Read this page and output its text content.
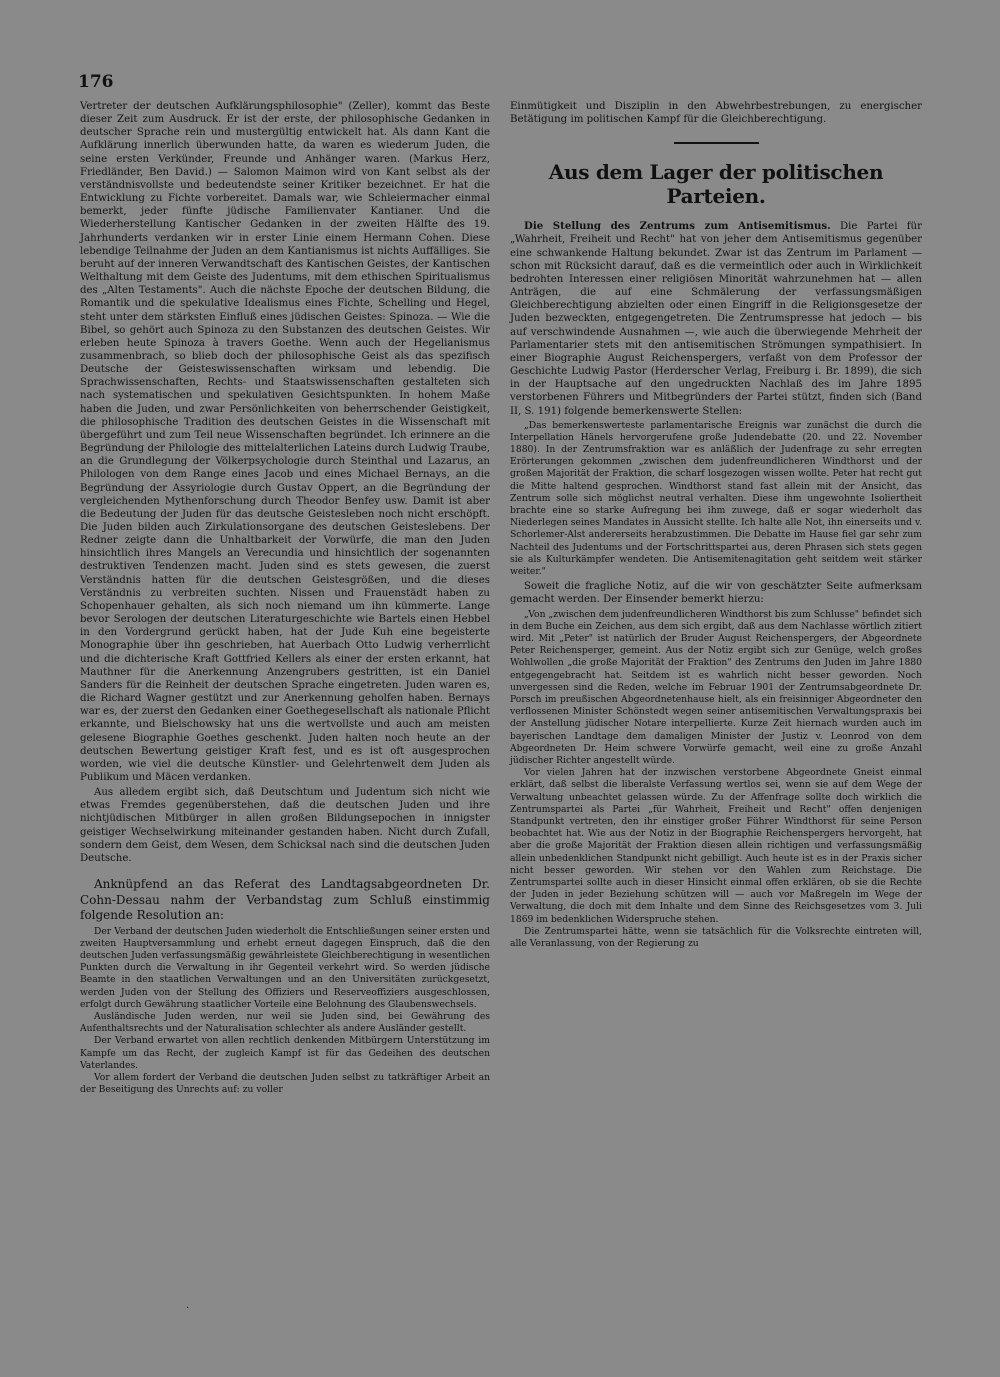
176

Vertreter der deutschen Aufklärungsphilosophie" (Zeller), kommt das Beste dieser Zeit zum Ausdruck. Er ist der erste, der philosophische Gedanken in deutscher Sprache rein und mustergültig entwickelt hat. Als dann Kant die Aufklärung innerlich überwunden hatte, da waren es wiederum Juden, die seine ersten Verkünder, Freunde und Anhänger waren. (Markus Herz, Friedländer, Ben David.) — Salomon Maimon wird von Kant selbst als der verständnisvollste und bedeutendste seiner Kritiker bezeichnet. Er hat die Entwicklung zu Fichte vorbereitet. Damals war, wie Schleiermacher einmal bemerkt, jeder fünfte jüdische Familienvater Kantianer. Und die Wiederherstellung Kantischer Gedanken in der zweiten Hälfte des 19. Jahrhunderts verdanken wir in erster Linie einem Hermann Cohen. Diese lebendige Teilnahme der Juden an dem Kantianismus ist nichts Auffälliges. Sie beruht auf der inneren Verwandtschaft des Kantischen Geistes, der Kantischen Welthaltung mit dem Geiste des Judentums, mit dem ethischen Spiritualismus des „Alten Testaments". Auch die nächste Epoche der deutschen Bildung, die Romantik und die spekulative Idealismus eines Fichte, Schelling und Hegel, steht unter dem stärksten Einfluß eines jüdischen Geistes: Spinoza. — Wie die Bibel, so gehört auch Spinoza zu den Substanzen des deutschen Geistes. Wir erleben heute Spinoza à travers Goethe. Wenn auch der Hegelianismus zusammenbrach, so blieb doch der philosophische Geist als das spezifisch Deutsche der Geisteswissenschaften wirksam und lebendig. Die Sprachwissenschaften, Rechts- und Staatswissenschaften gestalteten sich nach systematischen und spekulativen Gesichtspunkten. In hohem Maße haben die Juden, und zwar Persönlichkeiten von beherrschender Geistigkeit, die philosophische Tradition des deutschen Geistes in die Wissenschaft mit übergeführt und zum Teil neue Wissenschaften begründet. Ich erinnere an die Begründung der Philologie des mittelalterlichen Lateins durch Ludwig Traube, an die Grundlegung der Völkerpsychologie durch Steinthal und Lazarus, an Philologen von dem Range eines Jacob und eines Michael Bernays, an die Begründung der Assyriologie durch Gustav Oppert, an die Begründung der vergleichenden Mythenforschung durch Theodor Benfey usw. Damit ist aber die Bedeutung der Juden für das deutsche Geistesleben noch nicht erschöpft. Die Juden bilden auch Zirkulationsorgane des deutschen Geisteslebens. Der Redner zeigte dann die Unhaltbarkeit der Vorwürfe, die man den Juden hinsichtlich ihres Mangels an Verecundia und hinsichtlich der sogenannten destruktiven Tendenzen macht. Juden sind es stets gewesen, die zuerst Verständnis hatten für die deutschen Geistesgrößen, und die dieses Verständnis zu verbreiten suchten. Nissen und Frauenstädt haben zu Schopenhauer gehalten, als sich noch niemand um ihn kümmerte. Lange bevor Serologen der deutschen Literaturgeschichte wie Bartels einen Hebbel in den Vordergrund gerückt haben, hat der Jude Kuh eine begeisterte Monographie über ihn geschrieben, hat Auerbach Otto Ludwig verherrlicht und die dichterische Kraft Gottfried Kellers als einer der ersten erkannt, hat Mauthner für die Anerkennung Anzengrubers gestritten, ist ein Daniel Sanders für die Reinheit der deutschen Sprache eingetreten. Juden waren es, die Richard Wagner gestützt und zur Anerkennung geholfen haben. Bernays war es, der zuerst den Gedanken einer Goethegesellschaft als nationale Pflicht erkannte, und Bielschowsky hat uns die wertvollste und auch am meisten gelesene Biographie Goethes geschenkt. Juden halten noch heute an der deutschen Bewertung geistiger Kraft fest, und es ist oft ausgesprochen worden, wie viel die deutsche Künstler- und Gelehrtenwelt dem Juden als Publikum und Mäcen verdanken.

Aus alledem ergibt sich, daß Deutschtum und Judentum sich nicht wie etwas Fremdes gegenüberstehen, daß die deutschen Juden und ihre nichtjüdischen Mitbürger in allen großen Bildungsepochen in innigster geistiger Wechselwirkung miteinander gestanden haben. Nicht durch Zufall, sondern dem Geist, dem Wesen, dem Schicksal nach sind die deutschen Juden Deutsche.

Anknüpfend an das Referat des Landtagsabgeordneten Dr. Cohn-Dessau nahm der Verbandstag zum Schluß einstimmig folgende Resolution an:

Der Verband der deutschen Juden wiederholt die Entschließungen seiner ersten und zweiten Hauptversammlung und erhebt erneut dagegen Einspruch, daß die den deutschen Juden verfassungsmäßig gewährleistete Gleichberechtigung in wesentlichen Punkten durch die Verwaltung in ihr Gegenteil verkehrt wird. So werden jüdische Beamte in den staatlichen Verwaltungen und an den Universitäten zurückgesetzt, werden Juden von der Stellung des Offiziers und Reserveoffiziers ausgeschlossen, erfolgt durch Gewährung staatlicher Vorteile eine Belohnung des Glaubenswechsels.

Ausländische Juden werden, nur weil sie Juden sind, bei Gewährung des Aufenthaltsrechts und der Naturalisation schlechter als andere Ausländer gestellt.

Der Verband erwartet von allen rechtlich denkenden Mitbürgern Unterstützung im Kampfe um das Recht, der zugleich Kampf ist für das Gedeihen des deutschen Vaterlandes.

Vor allem fordert der Verband die deutschen Juden selbst zu tatkräftiger Arbeit an der Beseitigung des Unrechts auf: zu voller

·

Einmütigkeit und Disziplin in den Abwehrbestrebungen, zu energischer Betätigung im politischen Kampf für die Gleichberechtigung.

Aus dem Lager der politischen Parteien.

Die Stellung des Zentrums zum Antisemitismus. Die Partei für „Wahrheit, Freiheit und Recht" hat von jeher dem Antisemitismus gegenüber eine schwankende Haltung bekundet. Zwar ist das Zentrum im Parlament — schon mit Rücksicht darauf, daß es die vermeintlich oder auch in Wirklichkeit bedrohten Interessen einer religiösen Minorität wahrzunehmen hat — allen Anträgen, die auf eine Schmälerung der verfassungsmäßigen Gleichberechtigung abzielten oder einen Eingriff in die Religionsgesetze der Juden bezweckten, entgegengetreten. Die Zentrumspresse hat jedoch — bis auf verschwindende Ausnahmen —, wie auch die überwiegende Mehrheit der Parlamentarier stets mit den antisemitischen Strömungen sympathisiert. In einer Biographie August Reichenspergers, verfaßt von dem Professor der Geschichte Ludwig Pastor (Herderscher Verlag, Freiburg i. Br. 1899), die sich in der Hauptsache auf den ungedruckten Nachlaß des im Jahre 1895 verstorbenen Führers und Mitbegründers der Partei stützt, finden sich (Band II, S. 191) folgende bemerkenswerte Stellen:

„Das bemerkenswerteste parlamentarische Ereignis war zunächst die durch die Interpellation Hänels hervorgerufene große Judendebatte (20. und 22. November 1880). In der Zentrumsfraktion war es anläßlich der Judenfrage zu sehr erregten Erörterungen gekommen „zwischen dem judenfreundlicheren Windthorst und der großen Majorität der Fraktion, die scharf losgezogen wissen wollte. Peter hat recht gut die Mitte haltend gesprochen. Windthorst stand fast allein mit der Ansicht, das Zentrum solle sich möglichst neutral verhalten. Diese ihm ungewohnte Isoliertheit brachte eine so starke Aufregung bei ihm zuwege, daß er sogar wiederholt das Niederlegen seines Mandates in Aussicht stellte. Ich halte alle Not, ihn einerseits und v. Schorlemer-Alst andererseits herabzustimmen. Die Debatte im Hause fiel gar sehr zum Nachteil des Judentums und der Fortschrittspartei aus, deren Phrasen sich stets gegen sie als Kulturkämpfer wendeten. Die Antisemitenagitation geht seitdem weit stärker weiter."

Soweit die fragliche Notiz, auf die wir von geschätzter Seite aufmerksam gemacht werden. Der Einsender bemerkt hierzu:

„Von „zwischen dem judenfreundlicheren Windthorst bis zum Schlusse" befindet sich in dem Buche ein Zeichen, aus dem sich ergibt, daß aus dem Nachlasse wörtlich zitiert wird. Mit „Peter" ist natürlich der Bruder August Reichenspergers, der Abgeordnete Peter Reichensperger, gemeint. Aus der Notiz ergibt sich zur Genüge, welch großes Wohlwollen „die große Majorität der Fraktion" des Zentrums den Juden im Jahre 1880 entgegengebracht hat. Seitdem ist es wahrlich nicht besser geworden. Noch unvergessen sind die Reden, welche im Februar 1901 der Zentrumsabgeordnete Dr. Porsch im preußischen Abgeordnetenhause hielt, als ein freisinniger Abgeordneter den verflossenen Minister Schönstedt wegen seiner antisemitischen Verwaltungspraxis bei der Anstellung jüdischer Notare interpellierte. Kurze Zeit hiernach wurden auch im bayerischen Landtage dem damaligen Minister der Justiz v. Leonrod von dem Abgeordneten Dr. Heim schwere Vorwürfe gemacht, weil eine zu große Anzahl jüdischer Richter angestellt würde.

Vor vielen Jahren hat der inzwischen verstorbene Abgeordnete Gneist einmal erklärt, daß selbst die liberalste Verfassung wertlos sei, wenn sie auf dem Wege der Verwaltung unbeachtet gelassen würde. Zu der Affenfrage sollte doch wirklich die Zentrumspartei als Partei „für Wahrheit, Freiheit und Recht" offen denjenigen Standpunkt vertreten, den ihr einstiger großer Führer Windthorst für seine Person beobachtet hat. Wie aus der Notiz in der Biographie Reichenspergers hervorgeht, hat aber die große Majorität der Fraktion diesen allein richtigen und verfassungsmäßig allein unbedenklichen Standpunkt nicht gebilligt. Auch heute ist es in der Praxis sicher nicht besser geworden. Wir stehen vor den Wahlen zum Reichstage. Die Zentrumspartei sollte auch in dieser Hinsicht einmal offen erklären, ob sie die Rechte der Juden in jeder Beziehung schützen will — auch vor Maßregeln im Wege der Verwaltung, die doch mit dem Inhalte und dem Sinne des Reichsgesetzes vom 3. Juli 1869 im bedenklichen Widerspruche stehen.

Die Zentrumspartei hätte, wenn sie tatsächlich für die Volksrechte eintreten will, alle Veranlassung, von der Regierung zu
